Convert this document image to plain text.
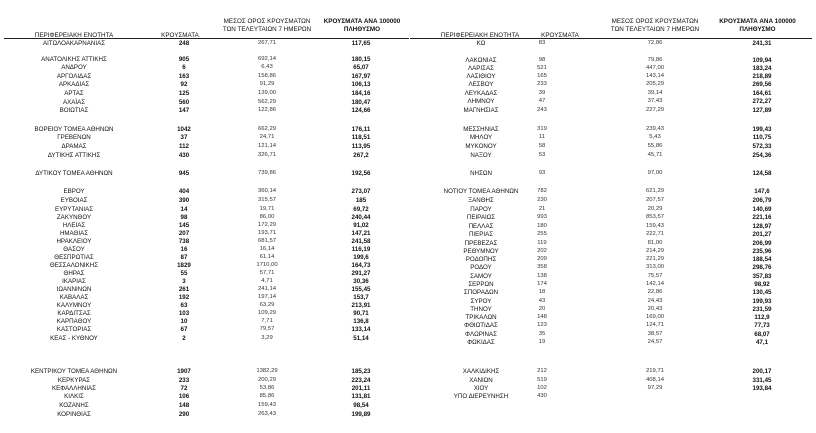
ΠΕΡΙΦΕΡΕΙΑΚΗ ΕΝΟΤΗΤΑ	ΚΡΟΥΣΜΑΤΑ
ΜΕΣΟΣ ΟΡΟΣ ΚΡΟΥΣΜΑΤΩΝ
ΤΩΝ ΤΕΛΕΥΤΑΙΩΝ 7 ΗΜΕΡΩΝ
ΚΡΟΥΣΜΑΤΑ ΑΝΑ 100000
ΠΛΗΘΥΣΜΟ
ΠΕΡΙΦΕΡΕΙΑΚΗ ΕΝΟΤΗΤΑ	ΚΡΟΥΣΜΑΤΑ
ΜΕΣΟΣ ΟΡΟΣ ΚΡΟΥΣΜΑΤΩΝ
ΤΩΝ ΤΕΛΕΥΤΑΙΩΝ 7 ΗΜΕΡΩΝ
ΚΡΟΥΣΜΑΤΑ ΑΝΑ 100000
ΠΛΗΘΥΣΜΟ
ΑΙΤΩΛΟΑΚΑΡΝΑΝΙΑΣ	248	267,71	117,65
ΑΝΑΤΟΛΙΚΗΣ ΑΤΤΙΚΗΣ	905	692,14	180,15
ΑΝΔΡΟΥ	6	6,43	65,07
ΑΡΓΟΛΙΔΑΣ	163	158,86	167,97
ΑΡΚΑΔΙΑΣ	92	91,29	106,13
ΑΡΤΑΣ	125	139,00	184,16
ΑΧΑΪΑΣ	560	562,29	180,47
ΒΟΙΩΤΙΑΣ	147	122,86	124,66
ΒΟΡΕΙΟΥ ΤΟΜΕΑ ΑΘΗΝΩΝ	1042	662,29	176,11
ΓΡΕΒΕΝΩΝ	37	24,71	118,51
ΔΡΑΜΑΣ	112	121,14	113,95
ΔΥΤΙΚΗΣ ΑΤΤΙΚΗΣ	430	326,71	267,2
ΔΥΤΙΚΟΥ ΤΟΜΕΑ ΑΘΗΝΩΝ	945	739,86	192,56
ΕΒΡΟΥ	404	360,14	273,07
ΕΥΒΟΙΑΣ	390	315,57	185
ΕΥΡΥΤΑΝΙΑΣ	14	19,71	69,72
ΖΑΚΥΝΘΟΥ	98	86,00	240,44
ΗΛΕΙΑΣ	145	172,29	91,02
ΗΜΑΘΙΑΣ	207	193,71	147,21
ΗΡΑΚΛΕΙΟΥ	738	681,57	241,58
ΘΑΣΟΥ	16	16,14	116,19
ΘΕΣΠΡΩΤΙΑΣ	87	61,14	199,6
ΘΕΣΣΑΛΟΝΙΚΗΣ	1829	1710,00	164,73
ΘΗΡΑΣ	55	57,71	291,27
ΙΚΑΡΙΑΣ	3	4,71	30,36
ΙΩΑΝΝΙΝΩΝ	261	241,14	155,45
ΚΑΒΑΛΑΣ	192	197,14	153,7
ΚΑΛΥΜΝΟΥ	63	63,29	213,91
ΚΑΡΔΙΤΣΑΣ	103	109,29	90,71
ΚΑΡΠΑΘΟΥ	10	7,71	136,8
ΚΑΣΤΟΡΙΑΣ	67	79,57	133,14
ΚΕΑΣ - ΚΥΘΝΟΥ	2	3,29	51,14
ΚΕΝΤΡΙΚΟΥ ΤΟΜΕΑ ΑΘΗΝΩΝ	1907	1382,29	185,23
ΚΕΡΚΥΡΑΣ	233	200,29	223,24
ΚΕΦΑΛΛΗΝΙΑΣ	72	53,86	201,11
ΚΙΛΚΙΣ	106	85,86	131,81
ΚΟΖΑΝΗΣ	148	159,43	98,54
ΚΟΡΙΝΘΙΑΣ	290	263,43	199,89
ΚΩ	83	72,86	241,31
ΛΑΚΩΝΙΑΣ	98	79,86	109,94
ΛΑΡΙΣΑΣ	521	447,00	183,24
ΛΑΣΙΘΙΟΥ	165	143,14	218,89
ΛΕΣΒΟΥ	233	205,29	269,56
ΛΕΥΚΑΔΑΣ	39	39,14	164,61
ΛΗΜΝΟΥ	47	37,43	272,27
ΜΑΓΝΗΣΙΑΣ	243	227,29	127,89
ΜΕΣΣΗΝΙΑΣ	319	239,43	199,43
ΜΗΛΟΥ	11	5,43	110,75
ΜΥΚΟΝΟΥ	58	55,86	572,33
ΝΑΞΟΥ	53	45,71	254,36
ΝΗΣΩΝ	93	97,00	124,58
ΝΟΤΙΟΥ ΤΟΜΕΑ ΑΘΗΝΩΝ	782	621,29	147,6
ΞΑΝΘΗΣ	230	207,57	206,79
ΠΑΡΟΥ	21	20,29	140,69
ΠΕΙΡΑΙΩΣ	993	853,57	221,16
ΠΕΛΛΑΣ	180	159,43	128,97
ΠΙΕΡΙΑΣ	255	222,71	201,27
ΠΡΕΒΕΖΑΣ	119	81,00	206,99
ΡΕΘΥΜΝΟΥ	202	214,29	235,96
ΡΟΔΟΠΗΣ	209	221,29	188,54
ΡΟΔΟΥ	358	313,00	298,76
ΣΑΜΟΥ	138	75,57	357,83
ΣΕΡΡΩΝ	174	142,14	98,92
ΣΠΟΡΑΔΩΝ	18	22,86	130,45
ΣΥΡΟΥ	43	24,43	199,93
ΤΗΝΟΥ	20	20,43	231,59
ΤΡΙΚΑΛΩΝ	148	169,00	112,9
ΦΘΙΩΤΙΔΑΣ	123	124,71	77,73
ΦΛΩΡΙΝΑΣ	35	38,57	68,07
ΦΩΚΙΔΑΣ	19	24,57	47,1
ΧΑΛΚΙΔΙΚΗΣ	212	219,71	200,17
ΧΑΝΙΩΝ	519	408,14	331,45
ΧΙΟΥ	102	97,29	193,84
ΥΠΟ ΔΙΕΡΕΥΝΗΣΗ	430
